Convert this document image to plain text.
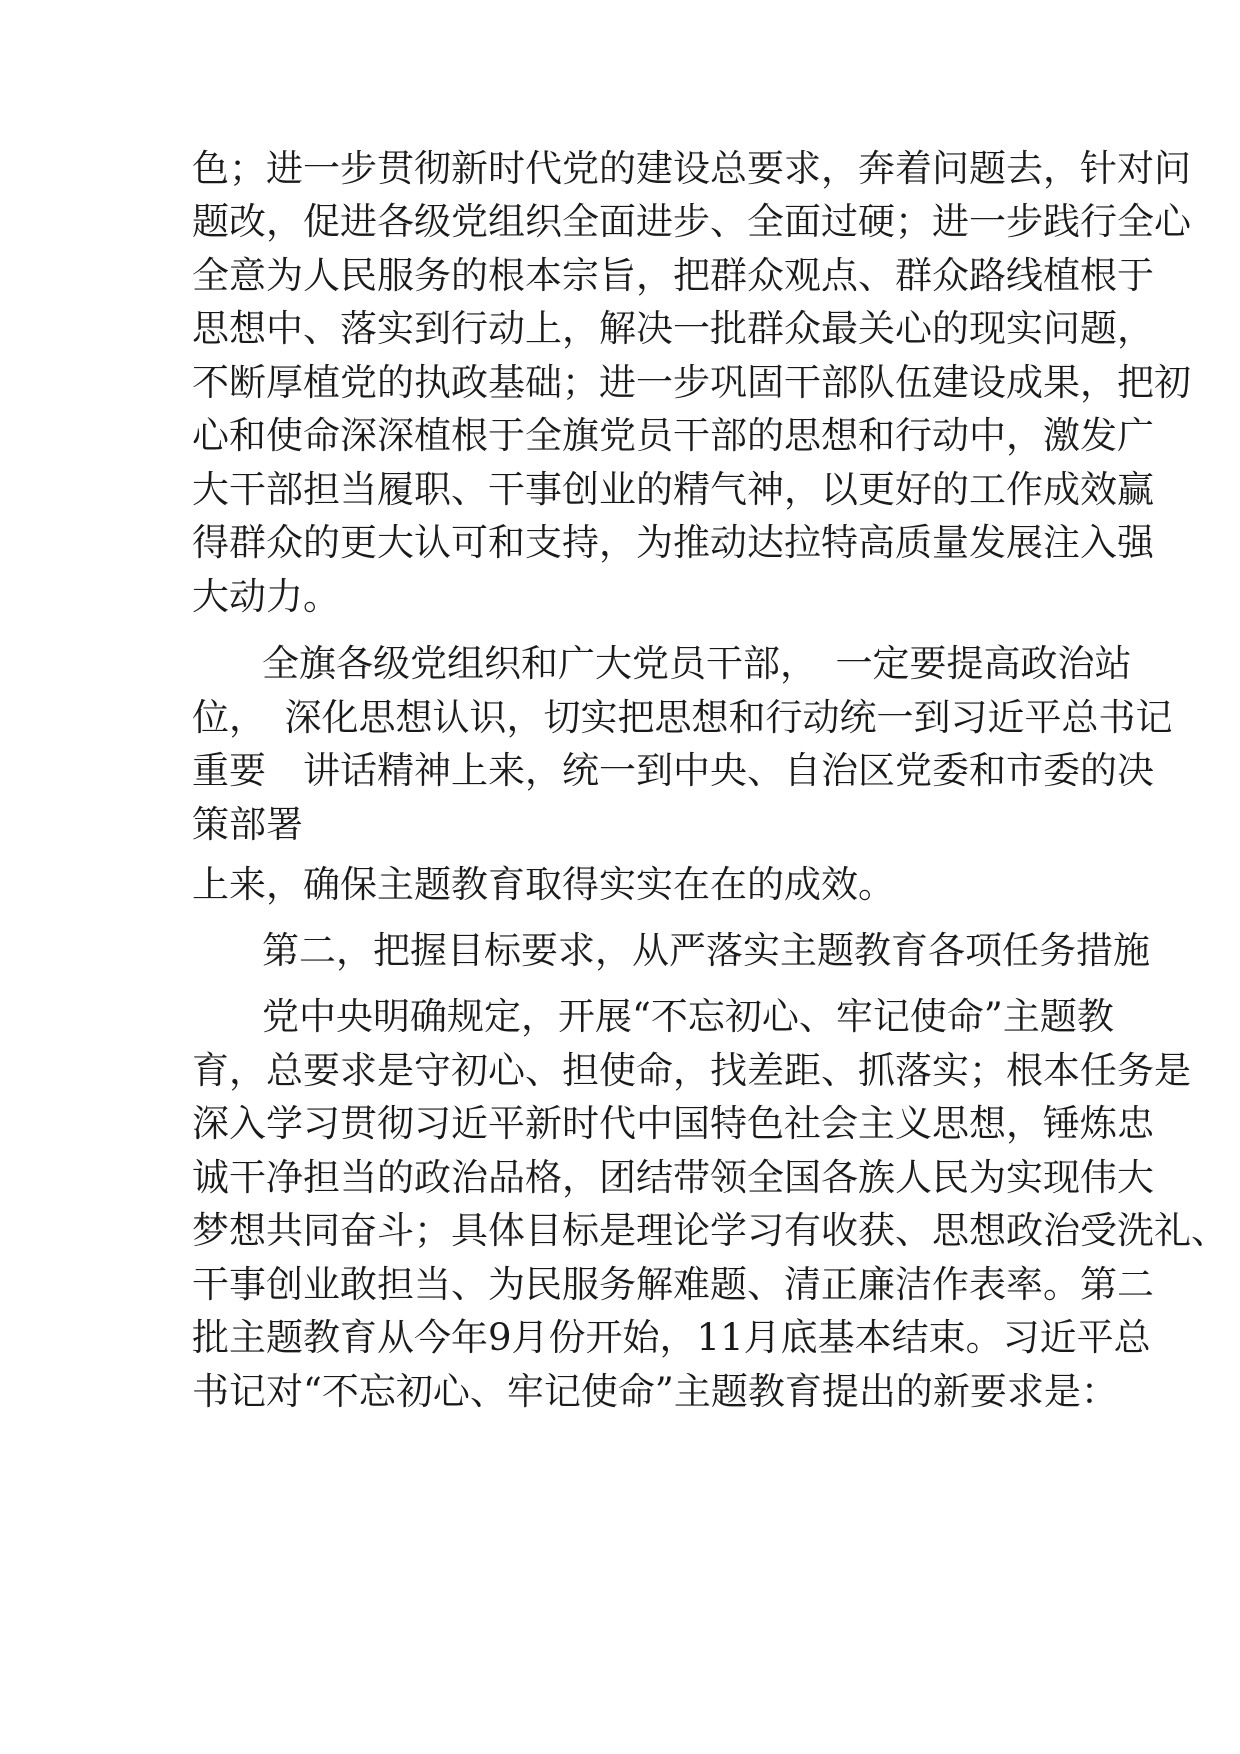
色；进一步贯彻新时代党的建设总要求，奔着问题去，针对问
题改，促进各级党组织全面进步、全面过硬；进一步践行全心
全意为人民服务的根本宗旨，把群众观点、群众路线植根于
思想中、落实到行动上，解决一批群众最关心的现实问题，
不断厚植党的执政基础；进一步巩固干部队伍建设成果，把初
心和使命深深植根于全旗党员干部的思想和行动中，激发广
大干部担当履职、干事创业的精气神，以更好的工作成效赢
得群众的更大认可和支持，为推动达拉特高质量发展注入强
大动力。
全旗各级党组织和广大党员干部，　一定要提高政治站
位，　深化思想认识，切实把思想和行动统一到习近平总书记
重要　讲话精神上来，统一到中央、自治区党委和市委的决
策部署
上来，确保主题教育取得实实在在的成效。
第二，把握目标要求，从严落实主题教育各项任务措施
党中央明确规定，开展“不忘初心、牢记使命”主题教
育，总要求是守初心、担使命，找差距、抓落实；根本任务是
深入学习贯彻习近平新时代中国特色社会主义思想，锤炼忠
诚干净担当的政治品格，团结带领全国各族人民为实现伟大
梦想共同奋斗；具体目标是理论学习有收获、思想政治受洗礼、
干事创业敢担当、为民服务解难题、清正廉洁作表率。第二
批主题教育从今年9月份开始，11月底基本结束。习近平总
书记对“不忘初心、牢记使命”主题教育提出的新要求是：
